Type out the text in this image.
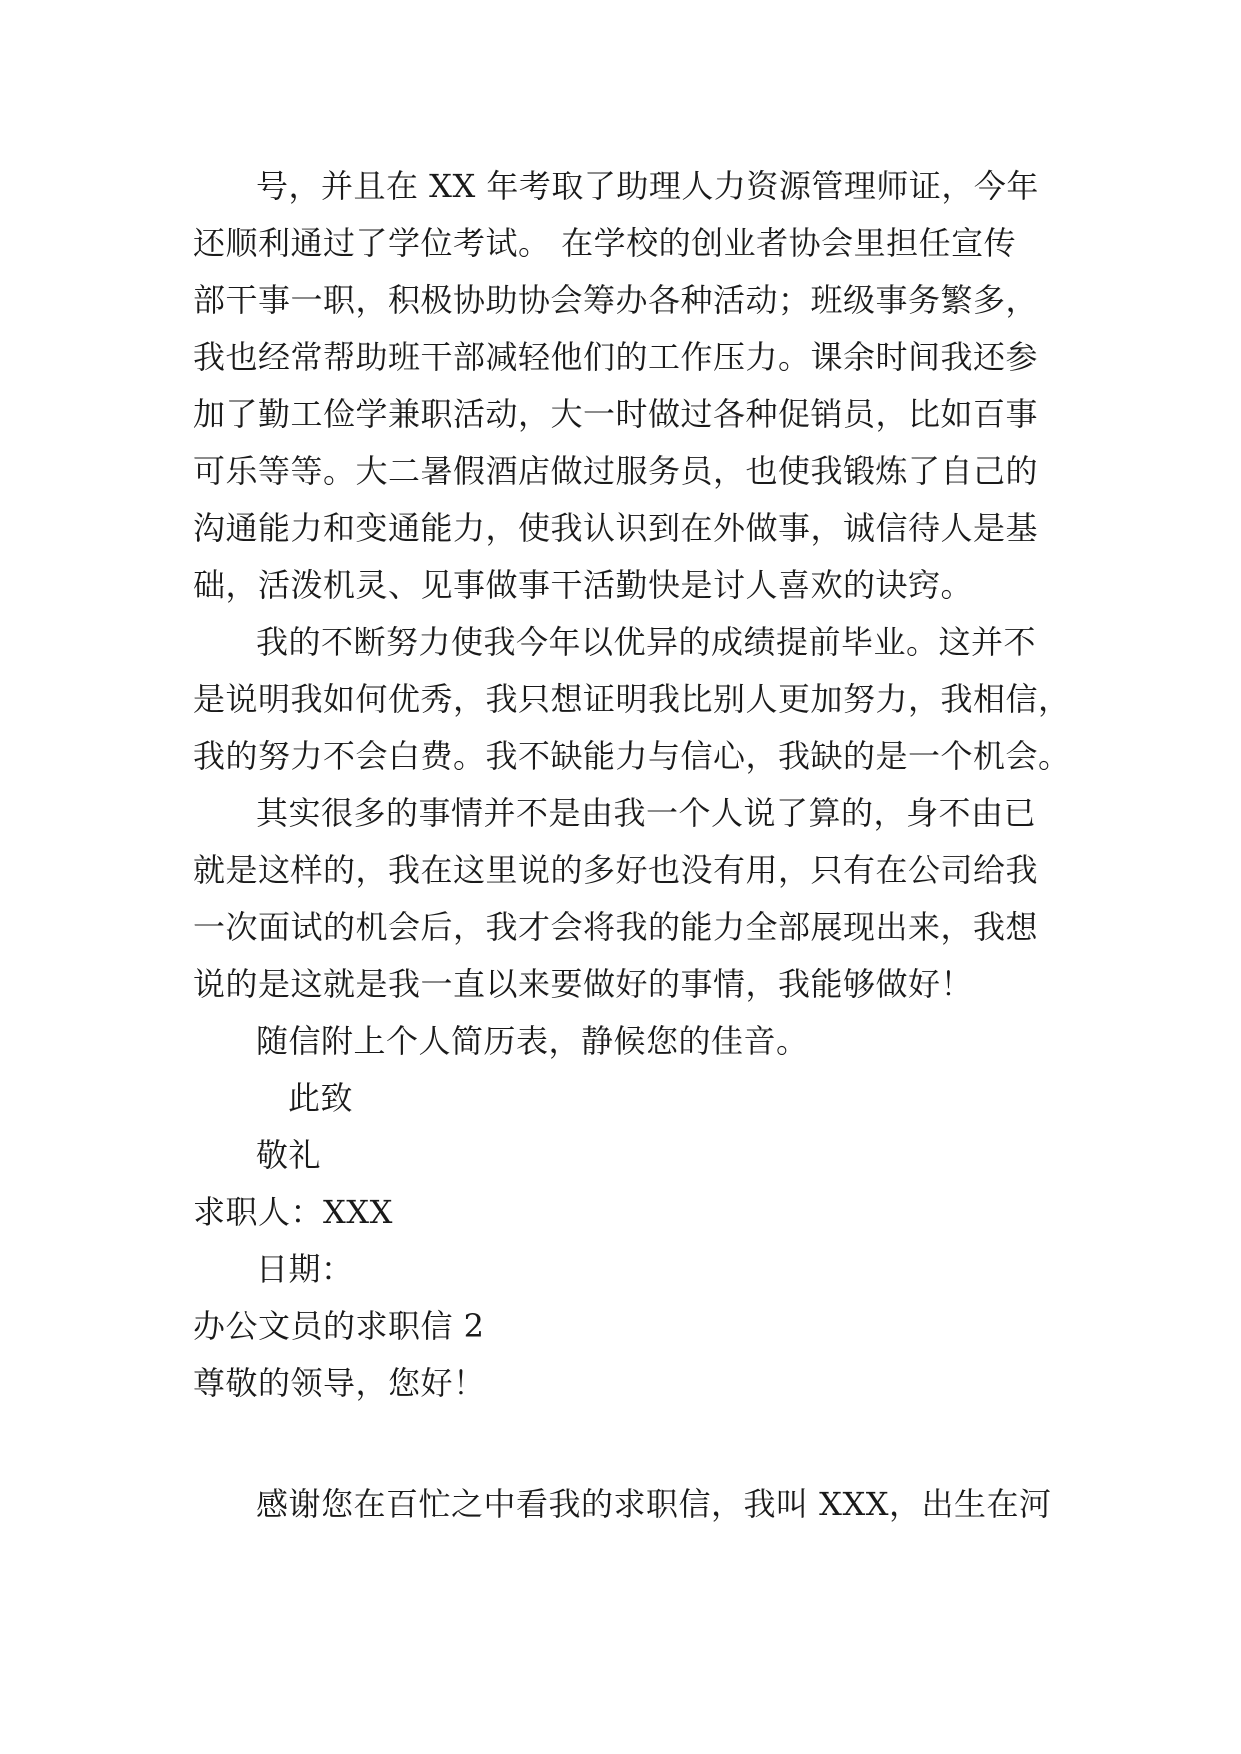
号，并且在 XX 年考取了助理人力资源管理师证，今年
还顺利通过了学位考试。 在学校的创业者协会里担任宣传
部干事一职，积极协助协会筹办各种活动；班级事务繁多，
我也经常帮助班干部减轻他们的工作压力。课余时间我还参
加了勤工俭学兼职活动，大一时做过各种促销员，比如百事
可乐等等。大二暑假酒店做过服务员，也使我锻炼了自己的
沟通能力和变通能力，使我认识到在外做事，诚信待人是基
础，活泼机灵、见事做事干活勤快是讨人喜欢的诀窍。
我的不断努力使我今年以优异的成绩提前毕业。这并不
是说明我如何优秀，我只想证明我比别人更加努力，我相信，
我的努力不会白费。我不缺能力与信心，我缺的是一个机会。
其实很多的事情并不是由我一个人说了算的，身不由已
就是这样的，我在这里说的多好也没有用，只有在公司给我
一次面试的机会后，我才会将我的能力全部展现出来，我想
说的是这就是我一直以来要做好的事情，我能够做好！
随信附上个人简历表，静候您的佳音。
此致
敬礼
求职人：XXX
日期：
办公文员的求职信 2
尊敬的领导，您好！
感谢您在百忙之中看我的求职信，我叫 XXX，出生在河
